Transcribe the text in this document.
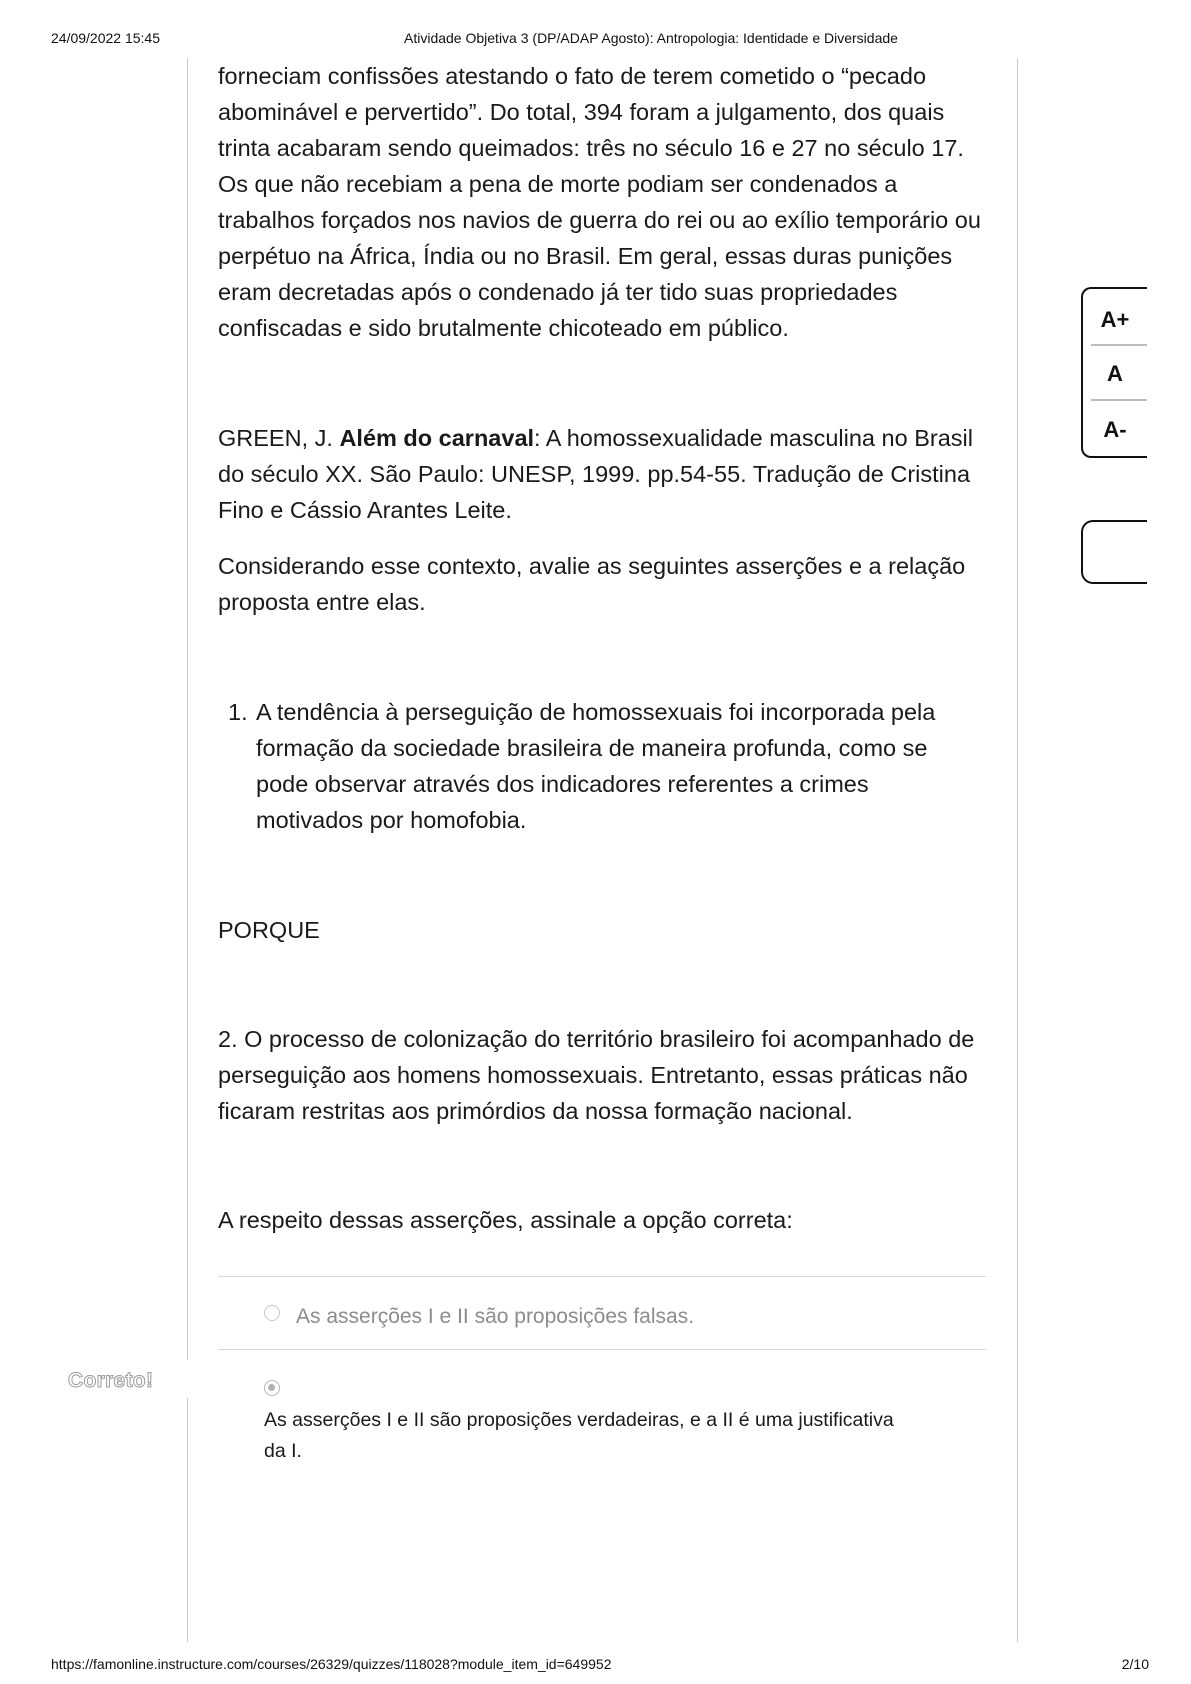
24/09/2022 15:45	Atividade Objetiva 3 (DP/ADAP Agosto): Antropologia: Identidade e Diversidade

forneciam confissões atestando o fato de terem cometido o “pecado abominável e pervertido”. Do total, 394 foram a julgamento, dos quais trinta acabaram sendo queimados: três no século 16 e 27 no século 17. Os que não recebiam a pena de morte podiam ser condenados a trabalhos forçados nos navios de guerra do rei ou ao exílio temporário ou perpétuo na África, Índia ou no Brasil. Em geral, essas duras punições eram decretadas após o condenado já ter tido suas propriedades confiscadas e sido brutalmente chicoteado em público.

GREEN, J. Além do carnaval: A homossexualidade masculina no Brasil do século XX. São Paulo: UNESP, 1999. pp.54-55. Tradução de Cristina Fino e Cássio Arantes Leite.

Considerando esse contexto, avalie as seguintes asserções e a relação proposta entre elas.

1. A tendência à perseguição de homossexuais foi incorporada pela formação da sociedade brasileira de maneira profunda, como se pode observar através dos indicadores referentes a crimes motivados por homofobia.

PORQUE

2. O processo de colonização do território brasileiro foi acompanhado de perseguição aos homens homossexuais. Entretanto, essas práticas não ficaram restritas aos primórdios da nossa formação nacional.

A respeito dessas asserções, assinale a opção correta:

As asserções I e II são proposições falsas.
Correto!
As asserções I e II são proposições verdadeiras, e a II é uma justificativa da I.
A+
A
A-
https://famonline.instructure.com/courses/26329/quizzes/118028?module_item_id=649952	2/10
